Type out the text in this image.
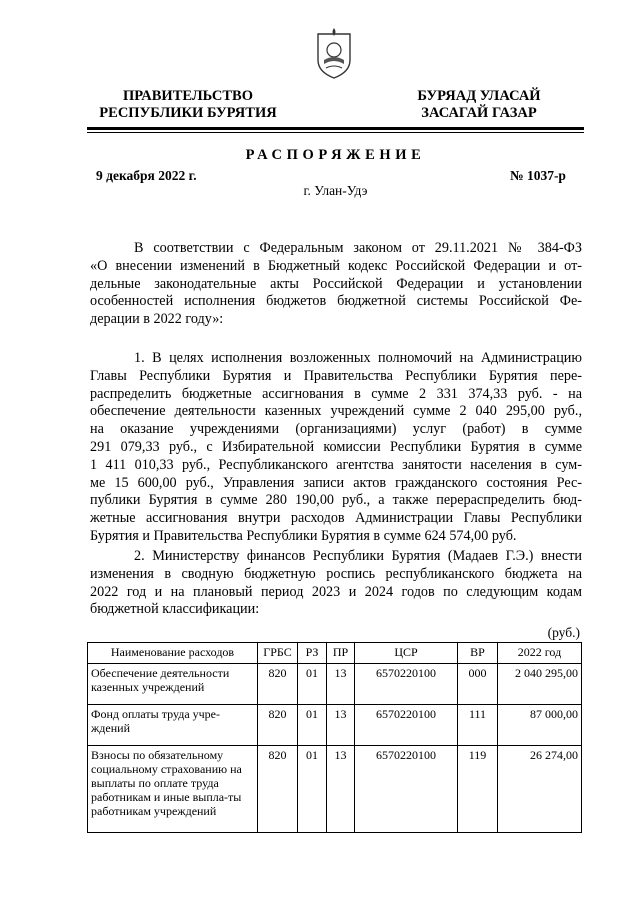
ПРАВИТЕЛЬСТВО
РЕСПУБЛИКИ БУРЯТИЯ
БУРЯАД УЛАСАЙ
ЗАСАГАЙ ГАЗАР
РАСПОРЯЖЕНИЕ
9 декабря 2022 г.	№ 1037-р
г. Улан-Удэ
В соответствии с Федеральным законом от 29.11.2021 № 384-ФЗ
«О внесении изменений в Бюджетный кодекс Российской Федерации и от-
дельные законодательные акты Российской Федерации и установлении
особенностей исполнения бюджетов бюджетной системы Российской Фе-
дерации в 2022 году»:
1. В целях исполнения возложенных полномочий на Администрацию
Главы Республики Бурятия и Правительства Республики Бурятия пере-
распределить бюджетные ассигнования в сумме 2 331 374,33 руб. - на
обеспечение деятельности казенных учреждений сумме 2 040 295,00 руб.,
на оказание учреждениями (организациями) услуг (работ) в сумме
291 079,33 руб., с Избирательной комиссии Республики Бурятия в сумме
1 411 010,33 руб., Республиканского агентства занятости населения в сум-
ме 15 600,00 руб., Управления записи актов гражданского состояния Рес-
публики Бурятия в сумме 280 190,00 руб., а также перераспределить бюд-
жетные ассигнования внутри расходов Администрации Главы Республики
Бурятия и Правительства Республики Бурятия в сумме 624 574,00 руб.
2. Министерству финансов Республики Бурятия (Мадаев Г.Э.) внести
изменения в сводную бюджетную роспись республиканского бюджета на
2022 год и на плановый период 2023 и 2024 годов по следующим кодам
бюджетной классификации:
(руб.)
Наименование расходов	ГРБС	РЗ	ПР	ЦСР	ВР	2022 год
Обеспечение деятельности казенных учреждений	820	01	13	6570220100	000	2 040 295,00
Фонд оплаты труда учре-ждений	820	01	13	6570220100	111	87 000,00
Взносы по обязательному социальному страхованию на выплаты по оплате труда работникам и иные выпла-ты работникам учреждений	820	01	13	6570220100	119	26 274,00
